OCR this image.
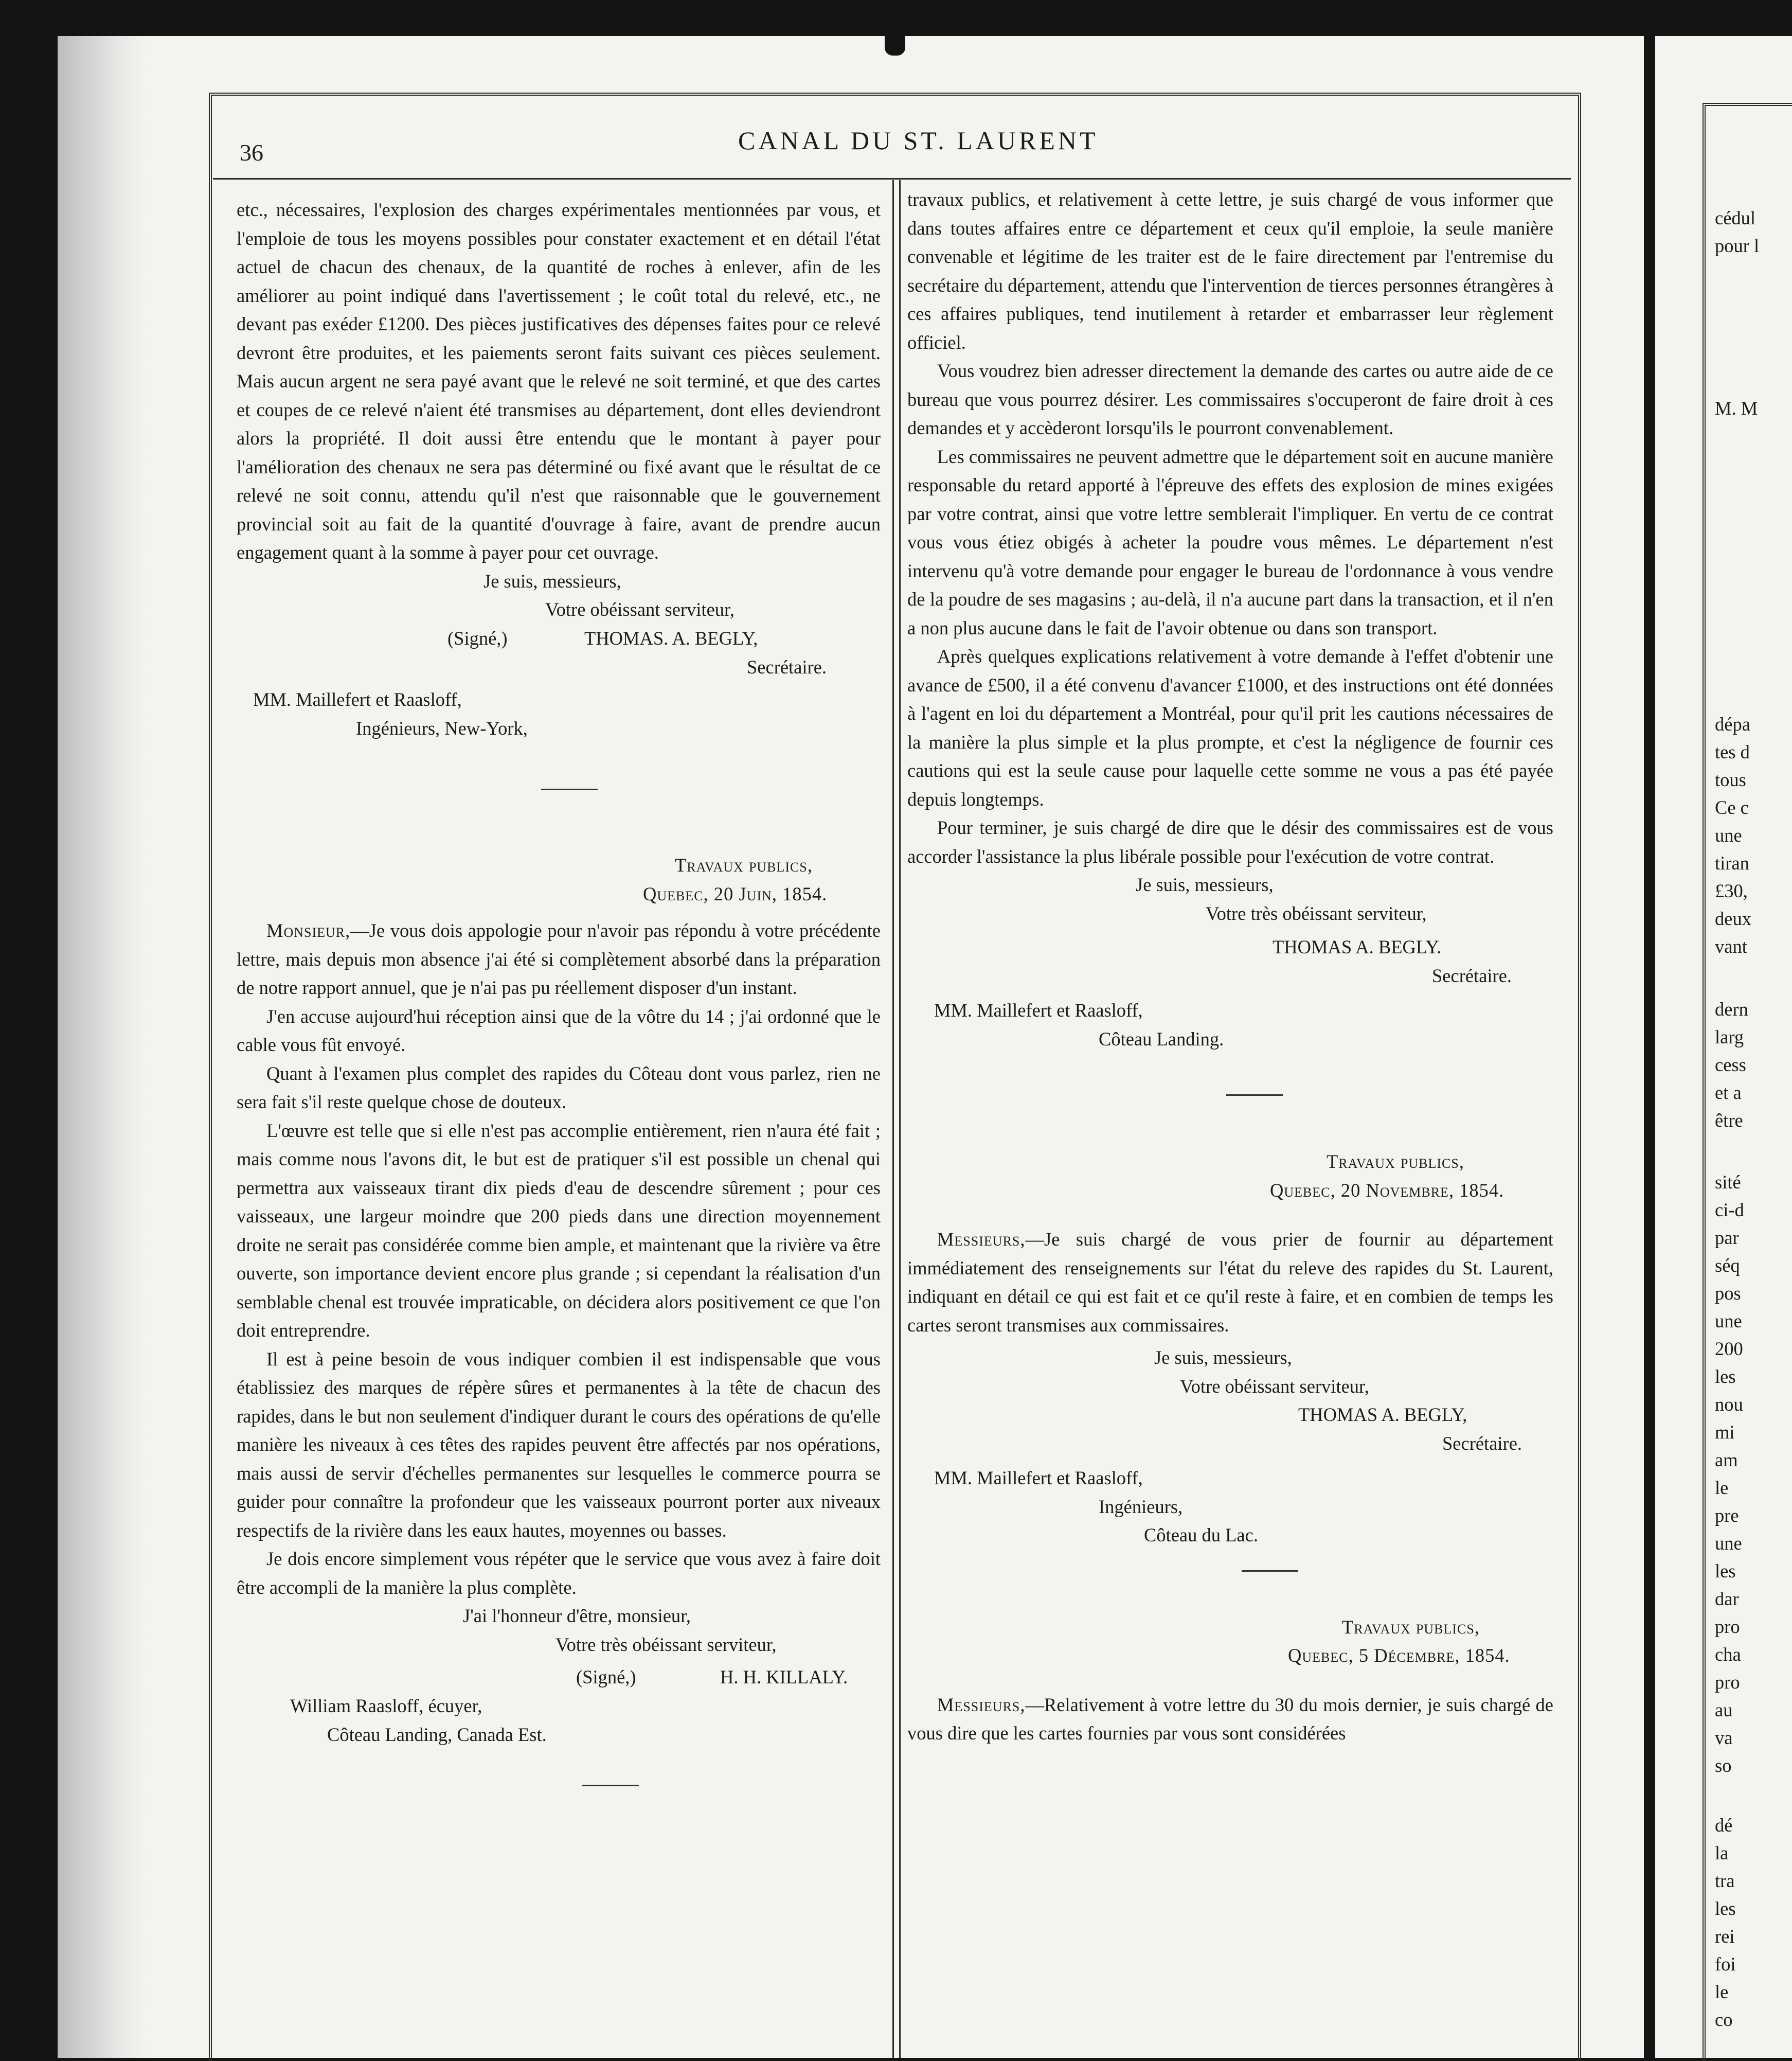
36	CANAL DU ST. LAURENT

etc., nécessaires, l'explosion des charges expérimentales mentionnées par vous, et l'emploie de tous les moyens possibles pour constater exactement et en détail l'état actuel de chacun des chenaux, de la quantité de roches à enlever, afin de les améliorer au point indiqué dans l'avertissement ; le coût total du relevé, etc., ne devant pas exéder £1200. Des pièces justificatives des dépenses faites pour ce relevé devront être produites, et les paiements seront faits suivant ces pièces seulement. Mais aucun argent ne sera payé avant que le relevé ne soit terminé, et que des cartes et coupes de ce relevé n'aient été transmises au département, dont elles deviendront alors la propriété. Il doit aussi être entendu que le montant à payer pour l'amélioration des chenaux ne sera pas déterminé ou fixé avant que le résultat de ce relevé ne soit connu, attendu qu'il n'est que raisonnable que le gouvernement provincial soit au fait de la quantité d'ouvrage à faire, avant de prendre aucun engagement quant à la somme à payer pour cet ouvrage.

Je suis, messieurs,

Votre obéissant serviteur,

(Signé,)	THOMAS. A. BEGLY,

Secrétaire.

MM. Maillefert et Raasloff,

Ingénieurs, New-York,

Travaux publics,

Quebec, 20 Juin, 1854.

Monsieur,—Je vous dois appologie pour n'avoir pas répondu à votre précédente lettre, mais depuis mon absence j'ai été si complètement absorbé dans la préparation de notre rapport annuel, que je n'ai pas pu réellement disposer d'un instant.

J'en accuse aujourd'hui réception ainsi que de la vôtre du 14 ; j'ai ordonné que le cable vous fût envoyé.

Quant à l'examen plus complet des rapides du Côteau dont vous parlez, rien ne sera fait s'il reste quelque chose de douteux.

L'œuvre est telle que si elle n'est pas accomplie entièrement, rien n'aura été fait ; mais comme nous l'avons dit, le but est de pratiquer s'il est possible un chenal qui permettra aux vaisseaux tirant dix pieds d'eau de descendre sûrement ; pour ces vaisseaux, une largeur moindre que 200 pieds dans une direction moyennement droite ne serait pas considérée comme bien ample, et maintenant que la rivière va être ouverte, son importance devient encore plus grande ; si cependant la réalisation d'un semblable chenal est trouvée impraticable, on décidera alors positivement ce que l'on doit entreprendre.

Il est à peine besoin de vous indiquer combien il est indispensable que vous établissiez des marques de répère sûres et permanentes à la tête de chacun des rapides, dans le but non seulement d'indiquer durant le cours des opérations de qu'elle manière les niveaux à ces têtes des rapides peuvent être affectés par nos opérations, mais aussi de servir d'échelles permanentes sur lesquelles le commerce pourra se guider pour connaître la profondeur que les vaisseaux pourront porter aux niveaux respectifs de la rivière dans les eaux hautes, moyennes ou basses.

Je dois encore simplement vous répéter que le service que vous avez à faire doit être accompli de la manière la plus complète.

J'ai l'honneur d'être, monsieur,

Votre très obéissant serviteur,

(Signé,)	H. H. KILLALY.

William Raasloff, écuyer,

Côteau Landing, Canada Est.

travaux publics, et relativement à cette lettre, je suis chargé de vous informer que dans toutes affaires entre ce département et ceux qu'il emploie, la seule manière convenable et légitime de les traiter est de le faire directement par l'entremise du secrétaire du département, attendu que l'intervention de tierces personnes étrangères à ces affaires publiques, tend inutilement à retarder et embarrasser leur règlement officiel.

Vous voudrez bien adresser directement la demande des cartes ou autre aide de ce bureau que vous pourrez désirer. Les commissaires s'occuperont de faire droit à ces demandes et y accèderont lorsqu'ils le pourront convenablement.

Les commissaires ne peuvent admettre que le département soit en aucune manière responsable du retard apporté à l'épreuve des effets des explosion de mines exigées par votre contrat, ainsi que votre lettre semblerait l'impliquer. En vertu de ce contrat vous vous étiez obigés à acheter la poudre vous mêmes. Le département n'est intervenu qu'à votre demande pour engager le bureau de l'ordonnance à vous vendre de la poudre de ses magasins ; au-delà, il n'a aucune part dans la transaction, et il n'en a non plus aucune dans le fait de l'avoir obtenue ou dans son transport.

Après quelques explications relativement à votre demande à l'effet d'obtenir une avance de £500, il a été convenu d'avancer £1000, et des instructions ont été données à l'agent en loi du département a Montréal, pour qu'il prit les cautions nécessaires de la manière la plus simple et la plus prompte, et c'est la négligence de fournir ces cautions qui est la seule cause pour laquelle cette somme ne vous a pas été payée depuis longtemps.

Pour terminer, je suis chargé de dire que le désir des commissaires est de vous accorder l'assistance la plus libérale possible pour l'exécution de votre contrat.

Je suis, messieurs,

Votre très obéissant serviteur,

THOMAS A. BEGLY.

Secrétaire.

MM. Maillefert et Raasloff,

Côteau Landing.

Travaux publics,

Quebec, 20 Novembre, 1854.

Messieurs,—Je suis chargé de vous prier de fournir au département immédiatement des renseignements sur l'état du releve des rapides du St. Laurent, indiquant en détail ce qui est fait et ce qu'il reste à faire, et en combien de temps les cartes seront transmises aux commissaires.

Je suis, messieurs,

Votre obéissant serviteur,

THOMAS A. BEGLY,

Secrétaire.

MM. Maillefert et Raasloff,

Ingénieurs,

Côteau du Lac.

Travaux publics,

Quebec, 5 Décembre, 1854.

Messieurs,—Relativement à votre lettre du 30 du mois dernier, je suis chargé de vous dire que les cartes fournies par vous sont considérées

cédul
pour l
M. M
dépa
tes d
tous
Ce c
une
tiran
£30,
deux
vant
dern
larg
cess
et a
être
sité
ci-d
par
séq
pos
une
200
les
nou
mi
am
le
pre
une
les
dar
pro
cha
pro
au
va
so
dé
la
tra
les
rei
foi
le
co
